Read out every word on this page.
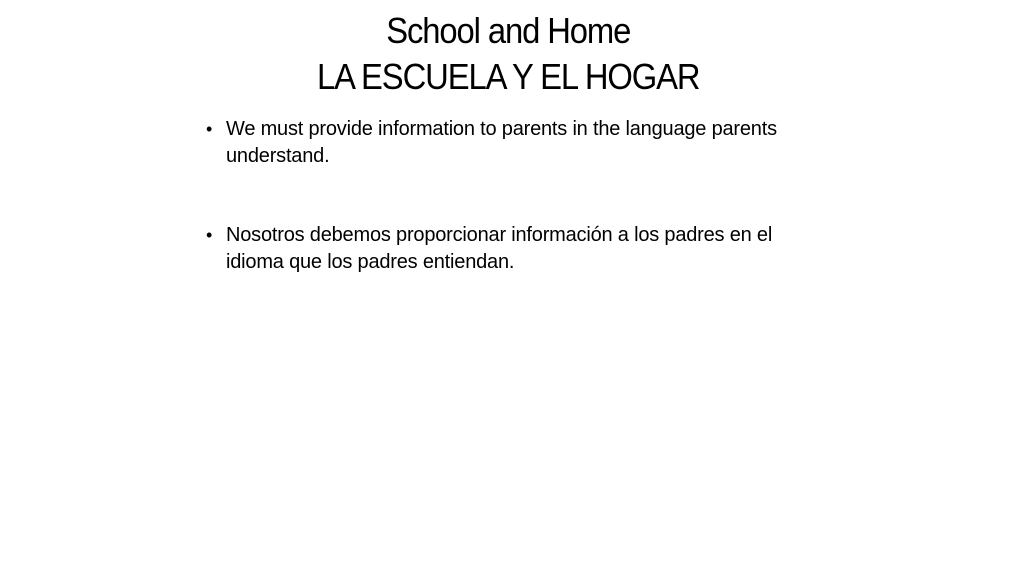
School and Home
LA ESCUELA Y EL HOGAR
• We must provide information to parents in the language parents understand.
• Nosotros debemos proporcionar información a los padres en el idioma que los padres entiendan.
